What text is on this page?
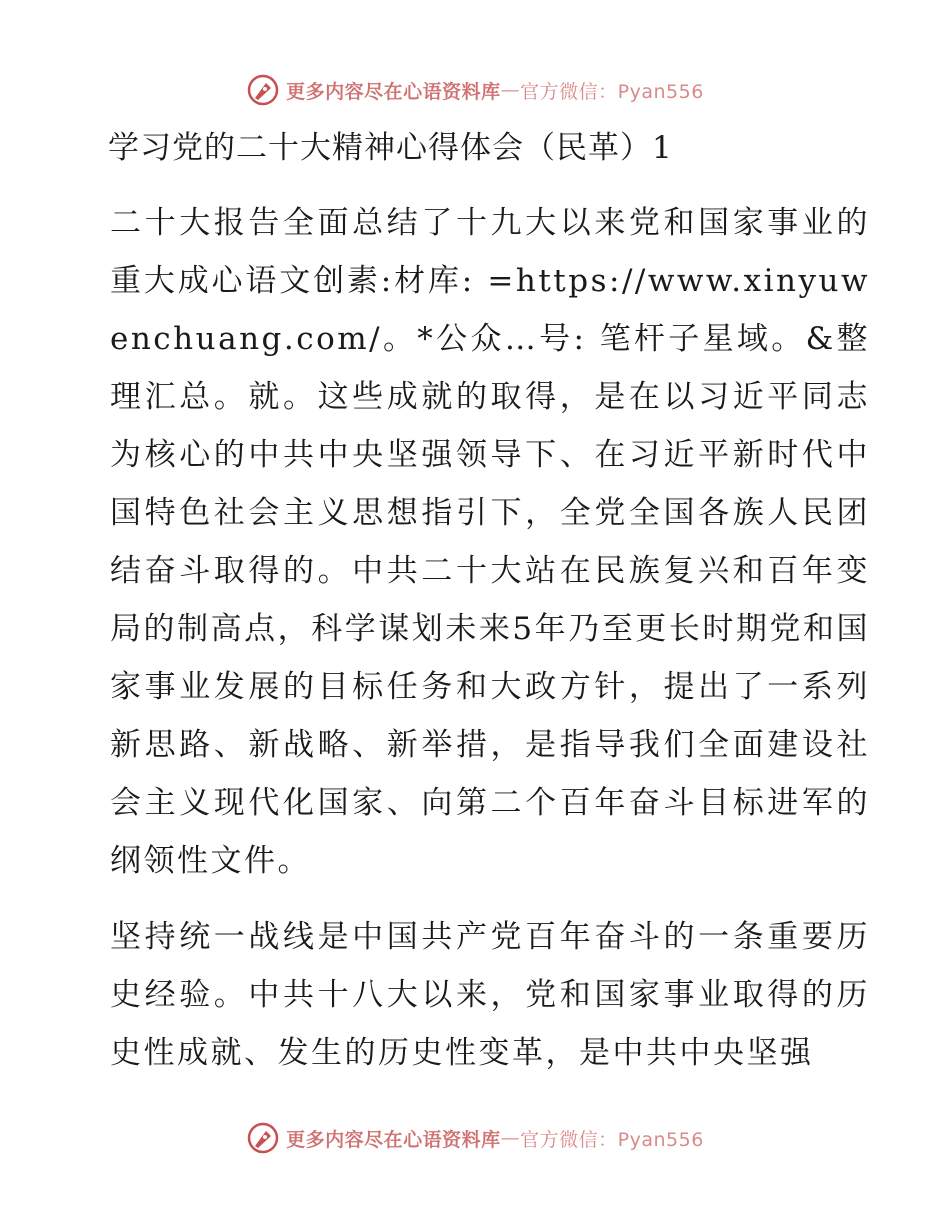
更多内容尽在心语资料库 — 官方微信：Pyan556
学习党的二十大精神心得体会（民革）1
二十大报告全面总结了十九大以来党和国家事业的重大成心语文创素:材库: =https://www.xinyuwenchuang.com/。*公众…号: 笔杆子星域。&整理汇总。就。这些成就的取得，是在以习近平同志为核心的中共中央坚强领导下、在习近平新时代中国特色社会主义思想指引下，全党全国各族人民团结奋斗取得的。中共二十大站在民族复兴和百年变局的制高点，科学谋划未来5年乃至更长时期党和国家事业发展的目标任务和大政方针，提出了一系列新思路、新战略、新举措，是指导我们全面建设社会主义现代化国家、向第二个百年奋斗目标进军的纲领性文件。
坚持统一战线是中国共产党百年奋斗的一条重要历史经验。中共十八大以来，党和国家事业取得的历史性成就、发生的历史性变革，是中共中央坚强
更多内容尽在心语资料库 — 官方微信：Pyan556
